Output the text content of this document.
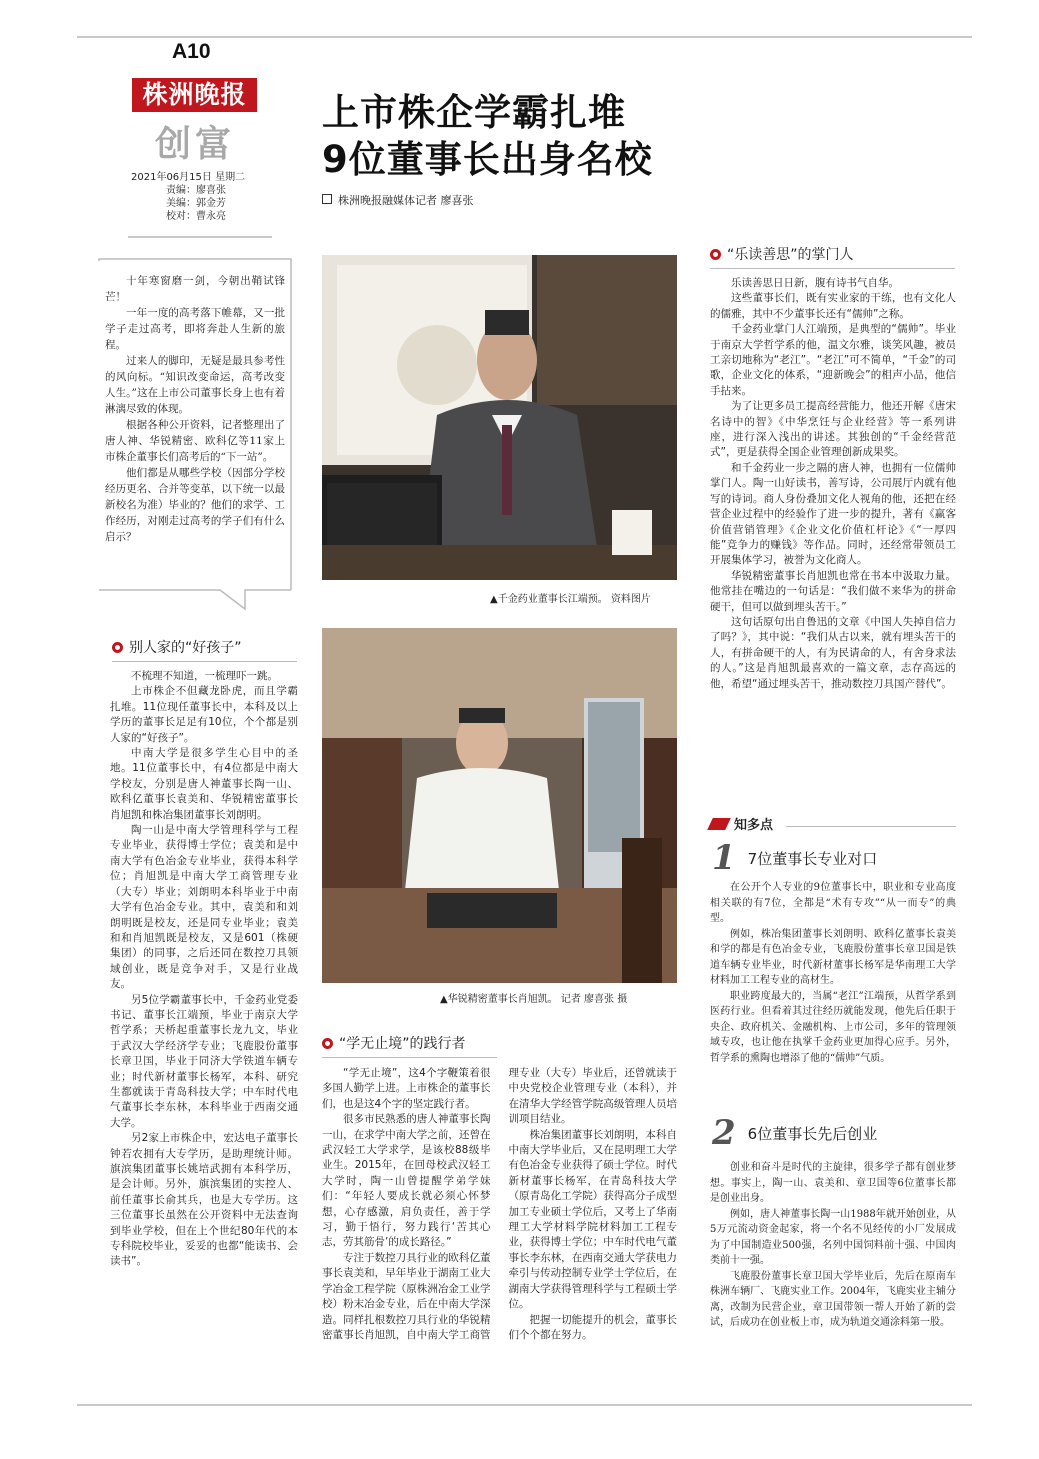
A10
株洲晚报
创富
2021年06月15日 星期二
责编：廖喜张
美编：郭金芳
校对：曹永亮
上市株企学霸扎堆
9位董事长出身名校
株洲晚报融媒体记者 廖喜张

十年寒窗磨一剑，今朝出鞘试锋芒！

一年一度的高考落下帷幕，又一批学子走过高考，即将奔赴人生新的旅程。

过来人的脚印，无疑是最具参考性的风向标。“知识改变命运，高考改变人生。”这在上市公司董事长身上也有着淋漓尽致的体现。

根据各种公开资料，记者整理出了唐人神、华锐精密、欧科亿等11家上市株企董事长们高考后的“下一站”。

他们都是从哪些学校（因部分学校经历更名、合并等变革，以下统一以最新校名为准）毕业的？他们的求学、工作经历，对刚走过高考的学子们有什么启示？

别人家的“好孩子”

不梳理不知道，一梳理吓一跳。

上市株企不但藏龙卧虎，而且学霸扎堆。11位现任董事长中，本科及以上学历的董事长足足有10位，个个都是别人家的“好孩子”。

中南大学是很多学生心目中的圣地。11位董事长中，有4位都是中南大学校友，分别是唐人神董事长陶一山、欧科亿董事长袁美和、华锐精密董事长肖旭凯和株冶集团董事长刘朗明。

陶一山是中南大学管理科学与工程专业毕业，获得博士学位；袁美和是中南大学有色冶金专业毕业，获得本科学位；肖旭凯是中南大学工商管理专业（大专）毕业；刘朗明本科毕业于中南大学有色冶金专业。其中，袁美和和刘朗明既是校友，还是同专业毕业；袁美和和肖旭凯既是校友，又是601（株硬集团）的同事，之后还同在数控刀具领域创业，既是竞争对手，又是行业战友。

另5位学霸董事长中，千金药业党委书记、董事长江端预，毕业于南京大学哲学系；天桥起重董事长龙九文，毕业于武汉大学经济学专业；飞鹿股份董事长章卫国，毕业于同济大学铁道车辆专业；时代新材董事长杨军，本科、研究生都就读于青岛科技大学；中车时代电气董事长李东林，本科毕业于西南交通大学。

另2家上市株企中，宏达电子董事长钟若农拥有大专学历，是助理统计师。旗滨集团董事长姚培武拥有本科学历，是会计师。另外，旗滨集团的实控人、前任董事长俞其兵，也是大专学历。这三位董事长虽然在公开资料中无法查询到毕业学校，但在上个世纪80年代的本专科院校毕业，妥妥的也都“能读书、会读书”。

▲千金药业董事长江端预。 资料图片
▲华锐精密董事长肖旭凯。 记者 廖喜张 摄
“学无止境”的践行者

“学无止境”，这4个字鞭策着很多国人勤学上进。上市株企的董事长们，也是这4个字的坚定践行者。

很多市民熟悉的唐人神董事长陶一山，在求学中南大学之前，还曾在武汉轻工大学求学，是该校88级毕业生。2015年，在回母校武汉轻工大学时，陶一山曾提醒学弟学妹们：“年轻人要成长就必须心怀梦想，心存感激，肩负责任，善于学习，勤于悟行，努力践行‘苦其心志，劳其筋骨’的成长路径。”

专注于数控刀具行业的欧科亿董事长袁美和，早年毕业于湖南工业大学冶金工程学院（原株洲冶金工业学校）粉末冶金专业，后在中南大学深造。同样扎根数控刀具行业的华锐精密董事长肖旭凯，自中南大学工商管理专业（大专）毕业后，还曾就读于中央党校企业管理专业（本科），并在清华大学经管学院高级管理人员培训项目结业。

株冶集团董事长刘朗明，本科自中南大学毕业后，又在昆明理工大学有色冶金专业获得了硕士学位。时代新材董事长杨军，在青岛科技大学（原青岛化工学院）获得高分子成型加工专业硕士学位后，又考上了华南理工大学材料学院材料加工工程专业，获得博士学位；中车时代电气董事长李东林，在西南交通大学获电力牵引与传动控制专业学士学位后，在湖南大学获得管理科学与工程硕士学位。

把握一切能提升的机会，董事长们个个都在努力。

“乐读善思”的掌门人

乐读善思日日新，腹有诗书气自华。

这些董事长们，既有实业家的干练，也有文化人的儒雅，其中不少董事长还有“儒帅”之称。

千金药业掌门人江端预，是典型的“儒帅”。毕业于南京大学哲学系的他，温文尔雅，谈笑风趣，被员工亲切地称为“老江”。“老江”可不简单，“千金”的司歌，企业文化的体系，“迎新晚会”的相声小品，他信手拈来。

为了让更多员工提高经营能力，他还开解《唐宋名诗中的智》《中华烹饪与企业经营》等一系列讲座，进行深入浅出的讲述。其独创的“千金经营范式”，更是获得全国企业管理创新成果奖。

和千金药业一步之隔的唐人神，也拥有一位儒帅掌门人。陶一山好读书，善写诗，公司展厅内就有他写的诗词。商人身份叠加文化人视角的他，还把在经营企业过程中的经验作了进一步的提升，著有《赢客价值营销管理》《企业文化价值杠杆论》《“一厚四能”竞争力的赚钱》等作品。同时，还经常带领员工开展集体学习，被誉为文化商人。

华锐精密董事长肖旭凯也常在书本中汲取力量。他常挂在嘴边的一句话是：“我们做不来华为的拼命硬干，但可以做到埋头苦干。”

这句话原句出自鲁迅的文章《中国人失掉自信力了吗？》，其中说：“我们从古以来，就有埋头苦干的人，有拼命硬干的人，有为民请命的人，有舍身求法的人。”这是肖旭凯最喜欢的一篇文章，志存高远的他，希望“通过埋头苦干，推动数控刀具国产替代”。

知多点
1 7位董事长专业对口

在公开个人专业的9位董事长中，职业和专业高度相关联的有7位，全都是“术有专攻”“从一而专”的典型。

例如，株冶集团董事长刘朗明、欧科亿董事长袁美和学的都是有色冶金专业，飞鹿股份董事长章卫国是铁道车辆专业毕业，时代新材董事长杨军是华南理工大学材料加工工程专业的高材生。

职业跨度最大的，当属“老江”江端预，从哲学系到医药行业。但看着其过往经历就能发现，他先后任职于央企、政府机关、金融机构、上市公司，多年的管理领域专攻，也让他在执掌千金药业更加得心应手。另外，哲学系的熏陶也增添了他的“儒帅”气质。

2 6位董事长先后创业

创业和奋斗是时代的主旋律，很多学子都有创业梦想。事实上，陶一山、袁美和、章卫国等6位董事长都是创业出身。

例如，唐人神董事长陶一山1988年就开始创业，从5万元流动资金起家，将一个名不见经传的小厂发展成为了中国制造业500强，名列中国饲料前十强、中国肉类前十一强。

飞鹿股份董事长章卫国大学毕业后，先后在原南车株洲车辆厂、飞鹿实业工作。2004年，飞鹿实业主辅分离，改制为民营企业，章卫国带领一帮人开始了新的尝试，后成功在创业板上市，成为轨道交通涂料第一股。
